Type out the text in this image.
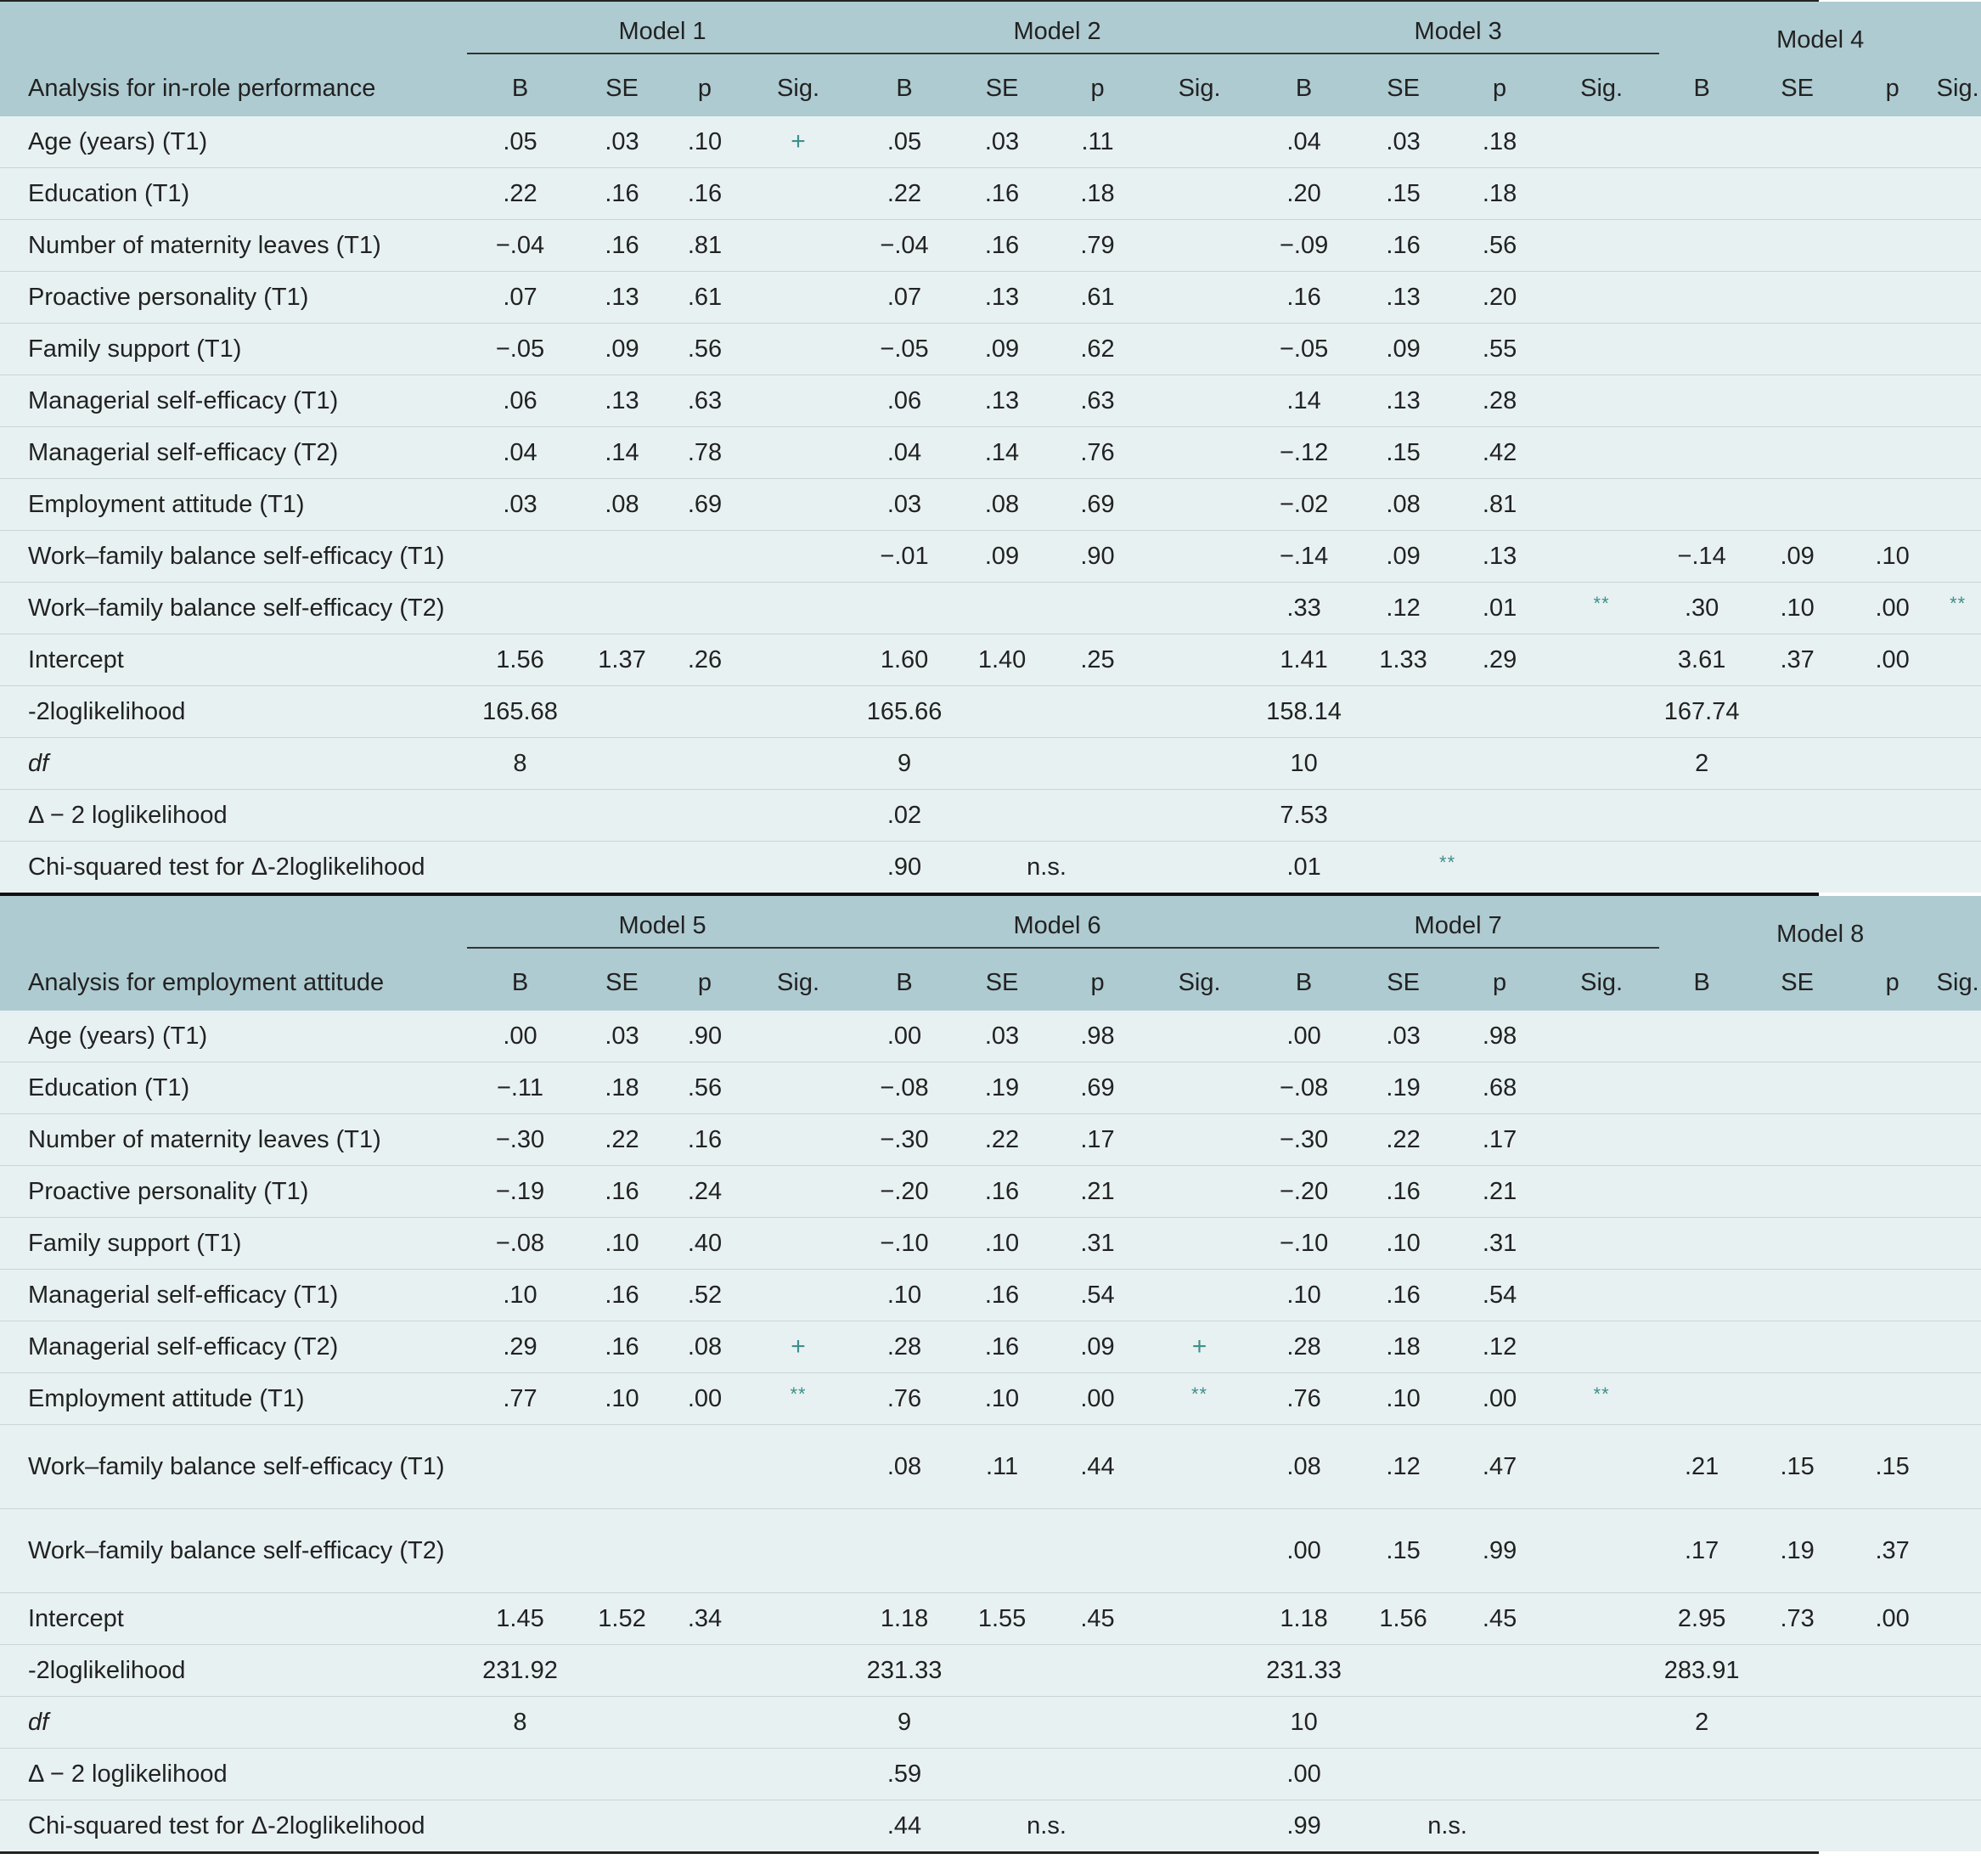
	Model 1				Model 2				Model 3				Model 4				
Analysis for in-role performance	B	SE	p	Sig.	B	SE	p	Sig.	B	SE	p	Sig.	B	SE	p	Sig.	
Age (years) (T1)	.05	.03	.10	+	.05	.03	.11		.04	.03	.18						
Education (T1)	.22	.16	.16		.22	.16	.18		.20	.15	.18						
Number of maternity leaves (T1)	−.04	.16	.81		−.04	.16	.79		−.09	.16	.56						
Proactive personality (T1)	.07	.13	.61		.07	.13	.61		.16	.13	.20						
Family support (T1)	−.05	.09	.56		−.05	.09	.62		−.05	.09	.55						
Managerial self-efficacy (T1)	.06	.13	.63		.06	.13	.63		.14	.13	.28						
Managerial self-efficacy (T2)	.04	.14	.78		.04	.14	.76		−.12	.15	.42						
Employment attitude (T1)	.03	.08	.69		.03	.08	.69		−.02	.08	.81						
Work–family balance self-efficacy (T1)					−.01	.09	.90		−.14	.09	.13		−.14	.09	.10		
Work–family balance self-efficacy (T2)									.33	.12	.01	**	.30	.10	.00	**	
Intercept	1.56	1.37	.26		1.60	1.40	.25		1.41	1.33	.29		3.61	.37	.00		
-2loglikelihood	165.68				165.66				158.14				167.74				
df	8				9				10				2				
Δ − 2 loglikelihood					.02				7.53								
Chi-squared test for Δ-2loglikelihood					.90	n.s.			.01	**							
	Model 5				Model 6				Model 7				Model 8				
Analysis for employment attitude	B	SE	p	Sig.	B	SE	p	Sig.	B	SE	p	Sig.	B	SE	p	Sig.	
Age (years) (T1)	.00	.03	.90		.00	.03	.98		.00	.03	.98						
Education (T1)	−.11	.18	.56		−.08	.19	.69		−.08	.19	.68						
Number of maternity leaves (T1)	−.30	.22	.16		−.30	.22	.17		−.30	.22	.17						
Proactive personality (T1)	−.19	.16	.24		−.20	.16	.21		−.20	.16	.21						
Family support (T1)	−.08	.10	.40		−.10	.10	.31		−.10	.10	.31						
Managerial self-efficacy (T1)	.10	.16	.52		.10	.16	.54		.10	.16	.54						
Managerial self-efficacy (T2)	.29	.16	.08	+	.28	.16	.09	+	.28	.18	.12						
Employment attitude (T1)	.77	.10	.00	**	.76	.10	.00	**	.76	.10	.00	**					
Work–family balance self-efficacy (T1)					.08	.11	.44		.08	.12	.47		.21	.15	.15		
Work–family balance self-efficacy (T2)									.00	.15	.99		.17	.19	.37		
Intercept	1.45	1.52	.34		1.18	1.55	.45		1.18	1.56	.45		2.95	.73	.00		
-2loglikelihood	231.92				231.33				231.33				283.91				
df	8				9				10				2				
Δ − 2 loglikelihood					.59				.00								
Chi-squared test for Δ-2loglikelihood					.44	n.s.			.99	n.s.							
